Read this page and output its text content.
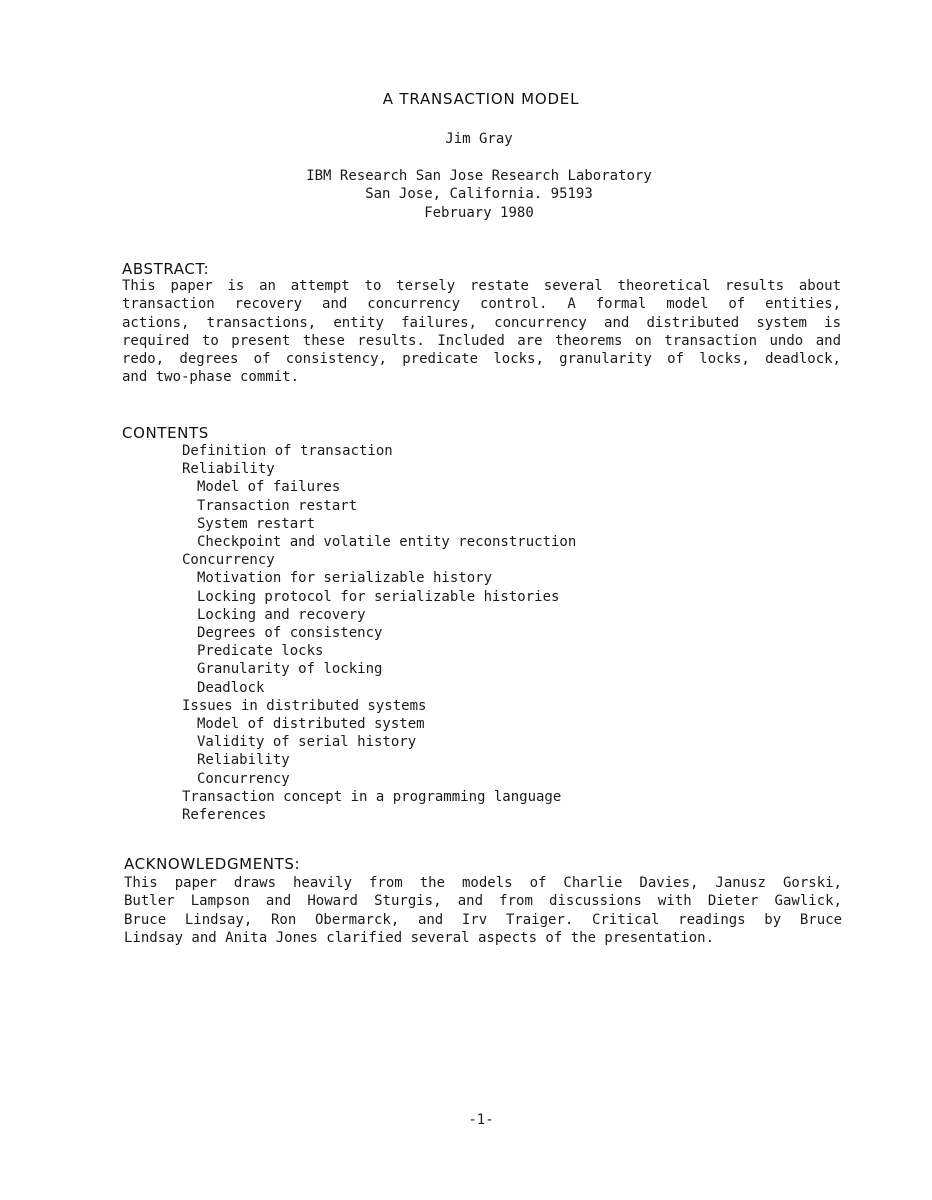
A TRANSACTION MODEL
Jim Gray
IBM Research San Jose Research Laboratory
San Jose, California. 95193
February 1980
ABSTRACT:
This paper is an attempt to tersely restate several theoretical results about
transaction recovery and concurrency control. A formal model of entities,
actions, transactions, entity failures, concurrency and distributed system is
required to present these results. Included are theorems on transaction undo and
redo, degrees of consistency, predicate locks, granularity of locks, deadlock,
and two-phase commit.
CONTENTS
Definition of transaction
Reliability
Model of failures
Transaction restart
System restart
Checkpoint and volatile entity reconstruction
Concurrency
Motivation for serializable history
Locking protocol for serializable histories
Locking and recovery
Degrees of consistency
Predicate locks
Granularity of locking
Deadlock
Issues in distributed systems
Model of distributed system
Validity of serial history
Reliability
Concurrency
Transaction concept in a programming language
References
ACKNOWLEDGMENTS:
This paper draws heavily from the models of Charlie Davies, Janusz Gorski,
Butler Lampson and Howard Sturgis, and from discussions with Dieter Gawlick,
Bruce Lindsay, Ron Obermarck, and Irv Traiger. Critical readings by Bruce
Lindsay and Anita Jones clarified several aspects of the presentation.
-1-
